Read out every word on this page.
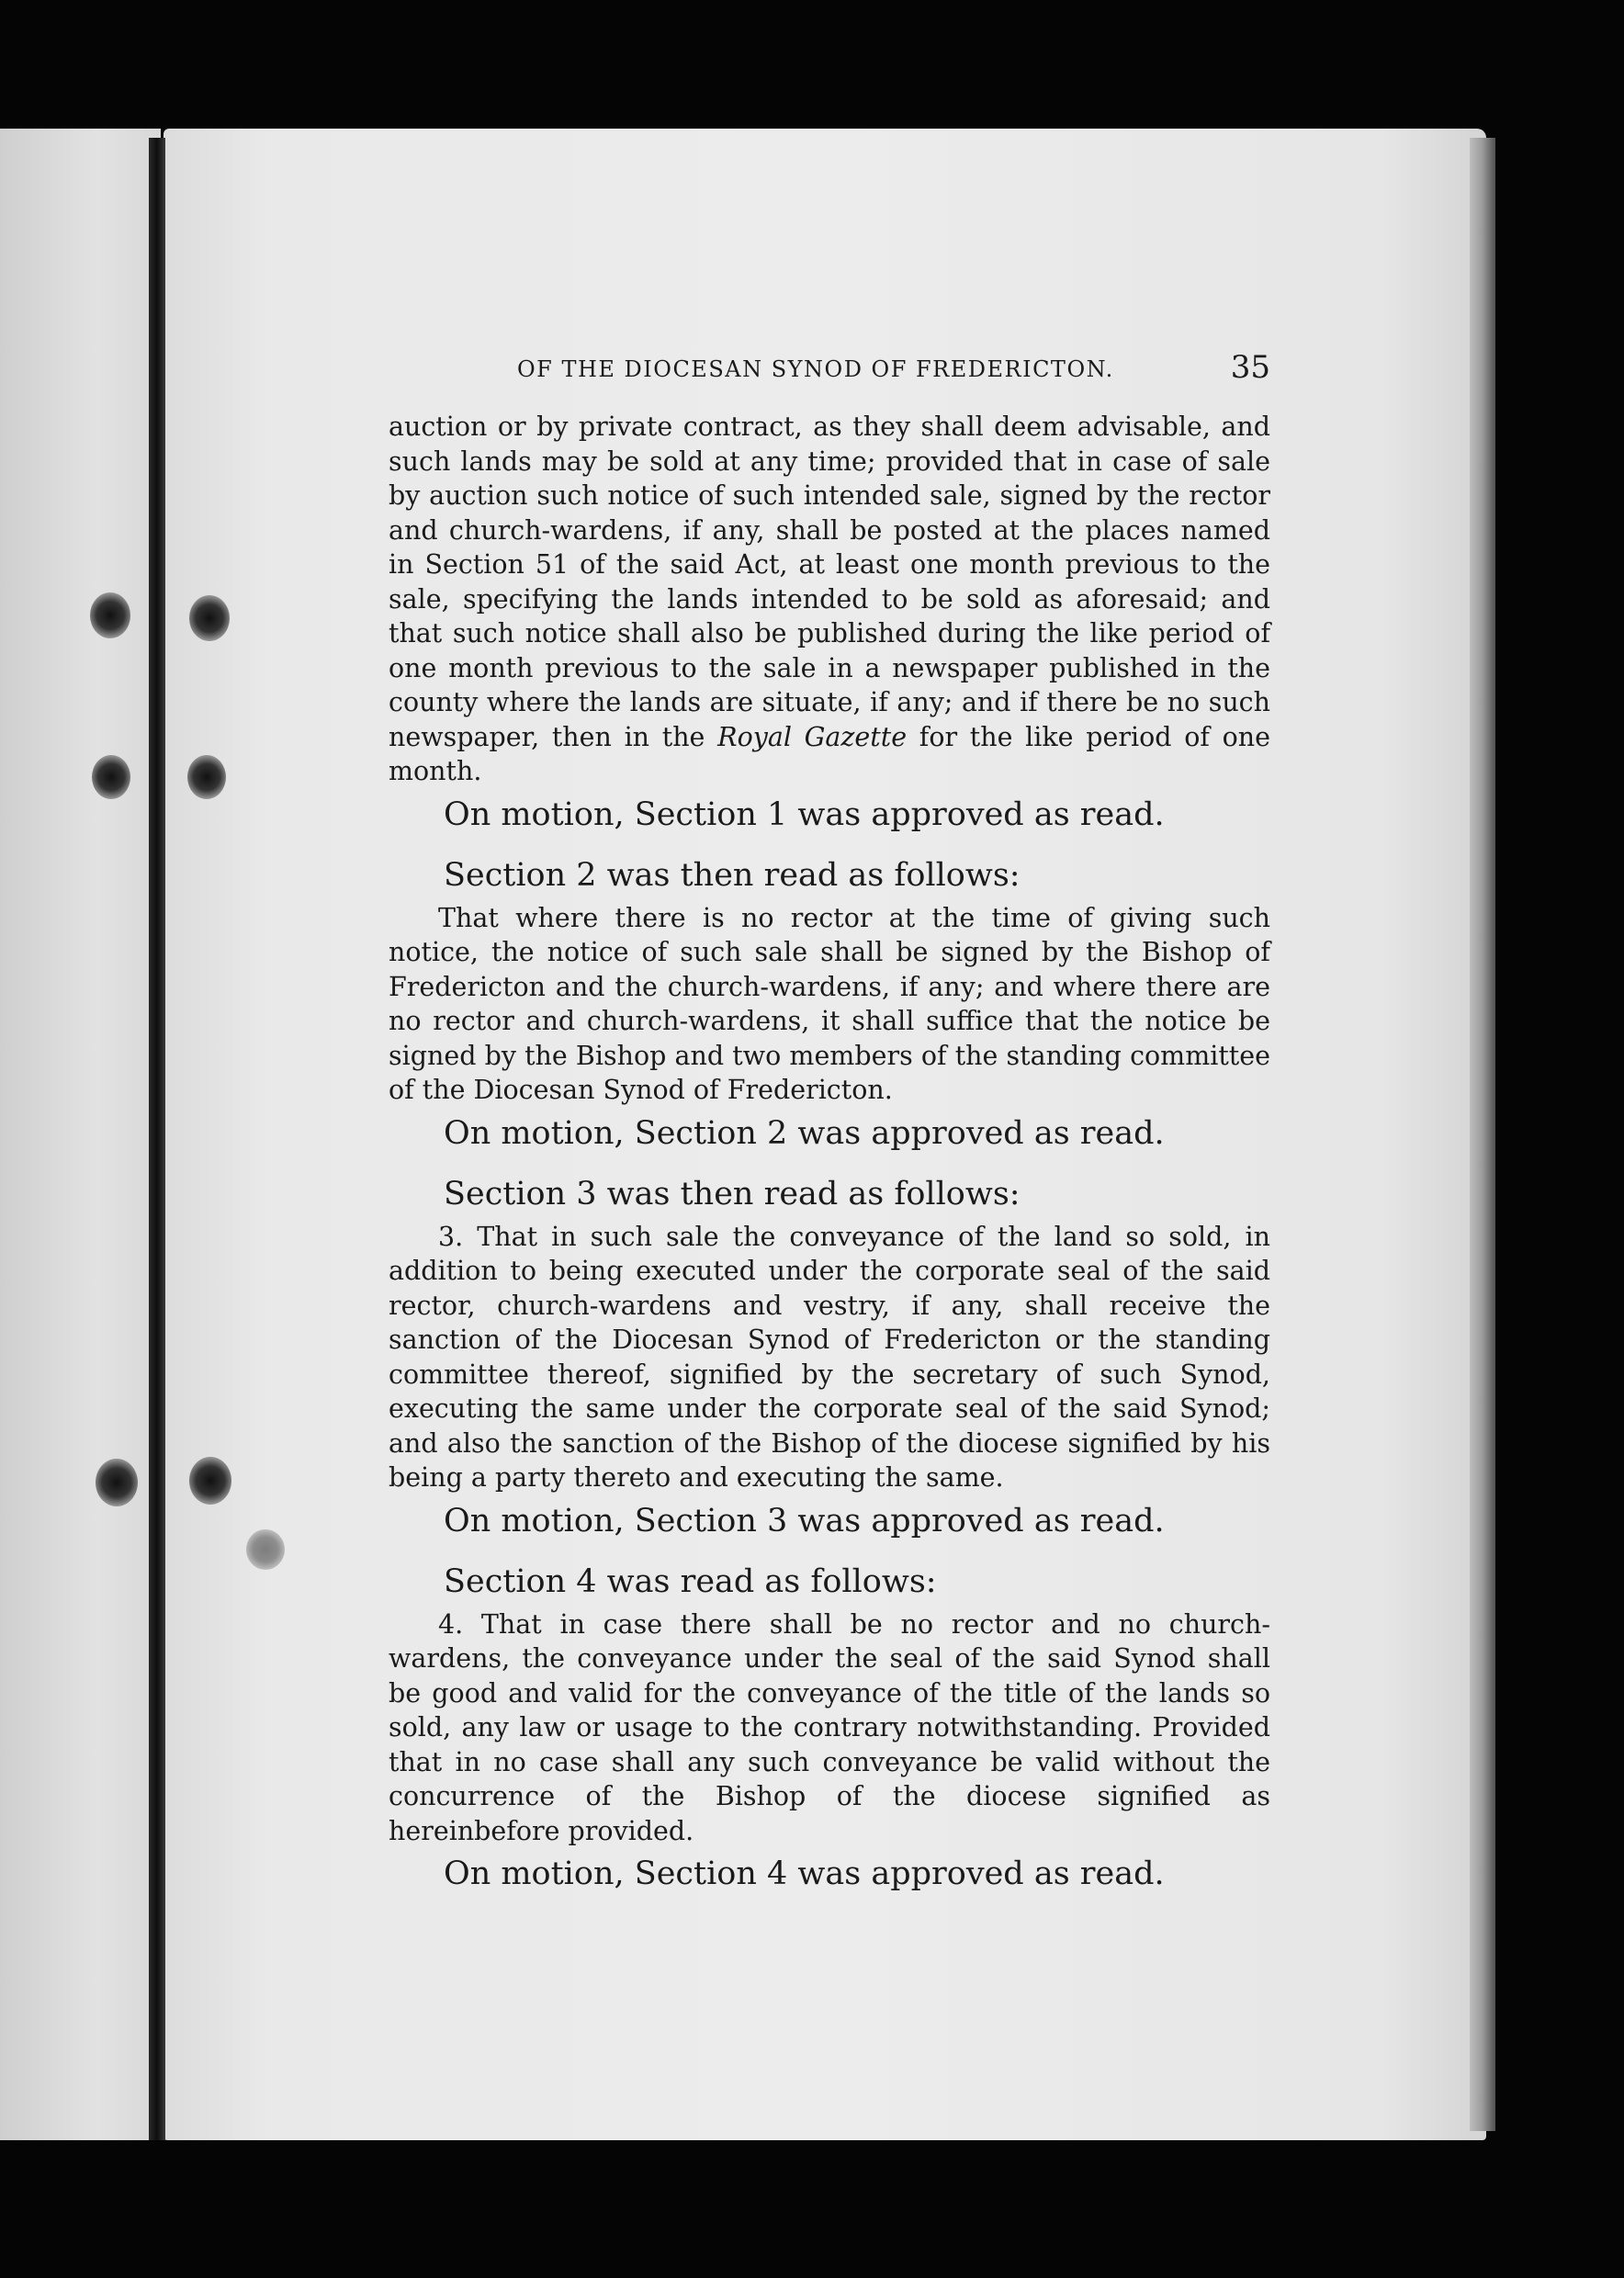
OF THE DIOCESAN SYNOD OF FREDERICTON.	35

auction or by private contract, as they shall deem advisable, and such lands may be sold at any time; provided that in case of sale by auction such notice of such intended sale, signed by the rector and church-wardens, if any, shall be posted at the places named in Section 51 of the said Act, at least one month previous to the sale, specifying the lands intended to be sold as aforesaid; and that such notice shall also be published during the like period of one month previous to the sale in a newspaper published in the county where the lands are situate, if any; and if there be no such newspaper, then in the Royal Gazette for the like period of one month.

On motion, Section 1 was approved as read.

Section 2 was then read as follows:

That where there is no rector at the time of giving such notice, the notice of such sale shall be signed by the Bishop of Fredericton and the church-wardens, if any; and where there are no rector and church-wardens, it shall suffice that the notice be signed by the Bishop and two members of the standing committee of the Diocesan Synod of Fredericton.

On motion, Section 2 was approved as read.

Section 3 was then read as follows:

3. That in such sale the conveyance of the land so sold, in addition to being executed under the corporate seal of the said rector, church-wardens and vestry, if any, shall receive the sanction of the Diocesan Synod of Fredericton or the standing committee thereof, signified by the secretary of such Synod, executing the same under the corporate seal of the said Synod; and also the sanction of the Bishop of the diocese signified by his being a party thereto and executing the same.

On motion, Section 3 was approved as read.

Section 4 was read as follows:

4. That in case there shall be no rector and no church-wardens, the conveyance under the seal of the said Synod shall be good and valid for the conveyance of the title of the lands so sold, any law or usage to the contrary notwithstanding. Provided that in no case shall any such conveyance be valid without the concurrence of the Bishop of the diocese signified as hereinbefore provided.

On motion, Section 4 was approved as read.
